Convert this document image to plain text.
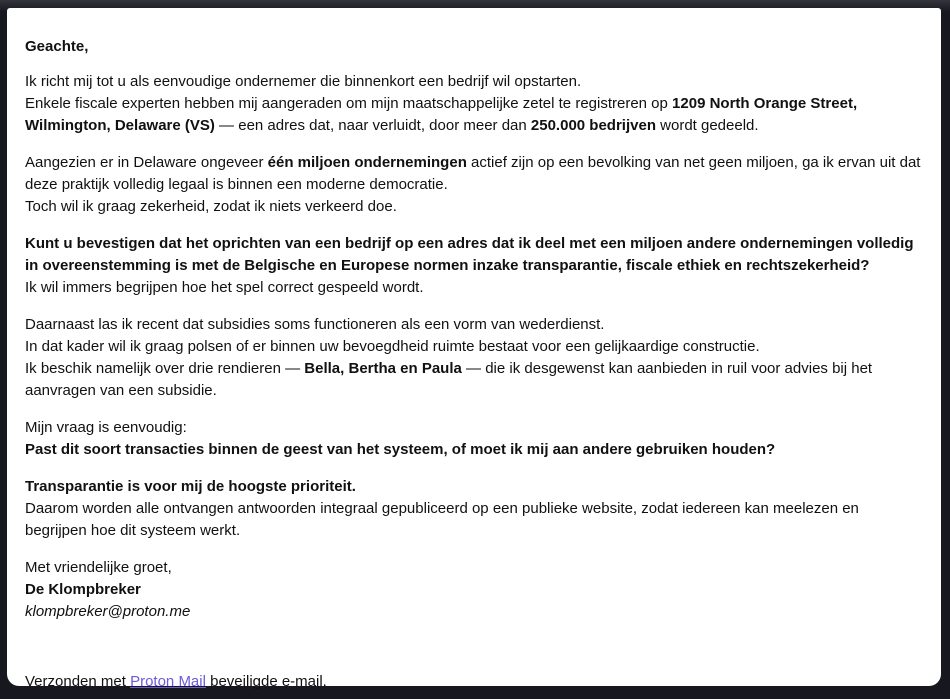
Geachte,

Ik richt mij tot u als eenvoudige ondernemer die binnenkort een bedrijf wil opstarten.
Enkele fiscale experten hebben mij aangeraden om mijn maatschappelijke zetel te registreren op 1209 North Orange Street, Wilmington, Delaware (VS) — een adres dat, naar verluidt, door meer dan 250.000 bedrijven wordt gedeeld.

Aangezien er in Delaware ongeveer één miljoen ondernemingen actief zijn op een bevolking van net geen miljoen, ga ik ervan uit dat deze praktijk volledig legaal is binnen een moderne democratie.
Toch wil ik graag zekerheid, zodat ik niets verkeerd doe.

Kunt u bevestigen dat het oprichten van een bedrijf op een adres dat ik deel met een miljoen andere ondernemingen volledig in overeenstemming is met de Belgische en Europese normen inzake transparantie, fiscale ethiek en rechtszekerheid?
Ik wil immers begrijpen hoe het spel correct gespeeld wordt.

Daarnaast las ik recent dat subsidies soms functioneren als een vorm van wederdienst.
In dat kader wil ik graag polsen of er binnen uw bevoegdheid ruimte bestaat voor een gelijkaardige constructie.
Ik beschik namelijk over drie rendieren — Bella, Bertha en Paula — die ik desgewenst kan aanbieden in ruil voor advies bij het aanvragen van een subsidie.

Mijn vraag is eenvoudig:
Past dit soort transacties binnen de geest van het systeem, of moet ik mij aan andere gebruiken houden?

Transparantie is voor mij de hoogste prioriteit.
Daarom worden alle ontvangen antwoorden integraal gepubliceerd op een publieke website, zodat iedereen kan meelezen en begrijpen hoe dit systeem werkt.

Met vriendelijke groet,
De Klompbreker
klompbreker@proton.me

Verzonden met Proton Mail beveiligde e-mail.
